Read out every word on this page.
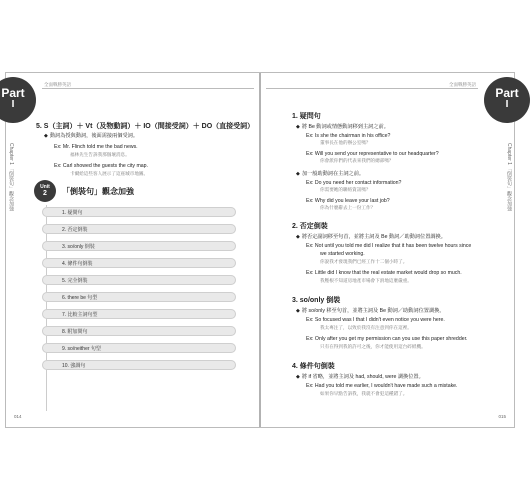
Part
I
全面戰勝英語
Chapter 1 「倒裝句」觀念加強
5. S（主詞）＋ Vt（及物動詞）＋ IO（間接受詞）＋ DO（直接受詞）
◆ 動詞為授與動詞，後面需接兩個受詞。
Ex: Mr. Flinch told me the bad news.
福林先生告訴我那個壞消息。
Ex: Carl showed the guests the city map.
卡爾給這些客人展示了這座城市地圖。
Unit
2	「倒裝句」觀念加強
1. 疑問句
2. 否定倒裝
3. so/only 倒裝
4. 條件句倒裝
5. 完全倒裝
6. there be 句型
7. 比較主詞句型
8. 附加問句
9. so/neither 句型
10. 強調句
014
Part
I
全面戰勝英語
Chapter 1 「倒裝句」觀念加強
1. 疑問句
◆ 將 Be 動詞或情態動詞移到主詞之前。
Ex: Is she the chairman in his office?
董事長在他的辦公室嗎？
Ex: Will you send your representative to our headquarter?
你會派你們的代表來我們的總部嗎？
◆ 加一般助動詞在主詞之前。
Ex: Do you need her contact information?
你需要她的聯絡資訊嗎？
Ex: Why did you leave your last job?
你為什麼辭去上一份工作？
2. 否定倒裝
◆ 將否定副詞移至句首，並將主詞及 Be 動詞／助動詞位置調換。
Ex: Not until you told me did I realize that it has been twelve hours since
we started working.
你說我才發現我們已經工作十二個小時了。
Ex: Little did I know that the real estate market would drop so much.
我壓根不知道房地產市場會下滑地這麼嚴重。
3. so/only 倒裝
◆ 將 so/only 移至句首，並將主詞及 Be 動詞／助動詞位置調換。
Ex: So focused was I that I didn't even notice you were here.
我太專注了，以致於我沒有注意到你在這裡。
Ex: Only after you get my permission can you use this paper shredder.
只有在得到我的許可之後，你才能使用這台碎紙機。
4. 條件句倒裝
◆ 將 if 省略，並將主詞及 had, should, were 調換位置。
Ex: Had you told me earlier, I wouldn't have made such a mistake.
如果你早點告訴我，我就不會犯這種錯了。
015
